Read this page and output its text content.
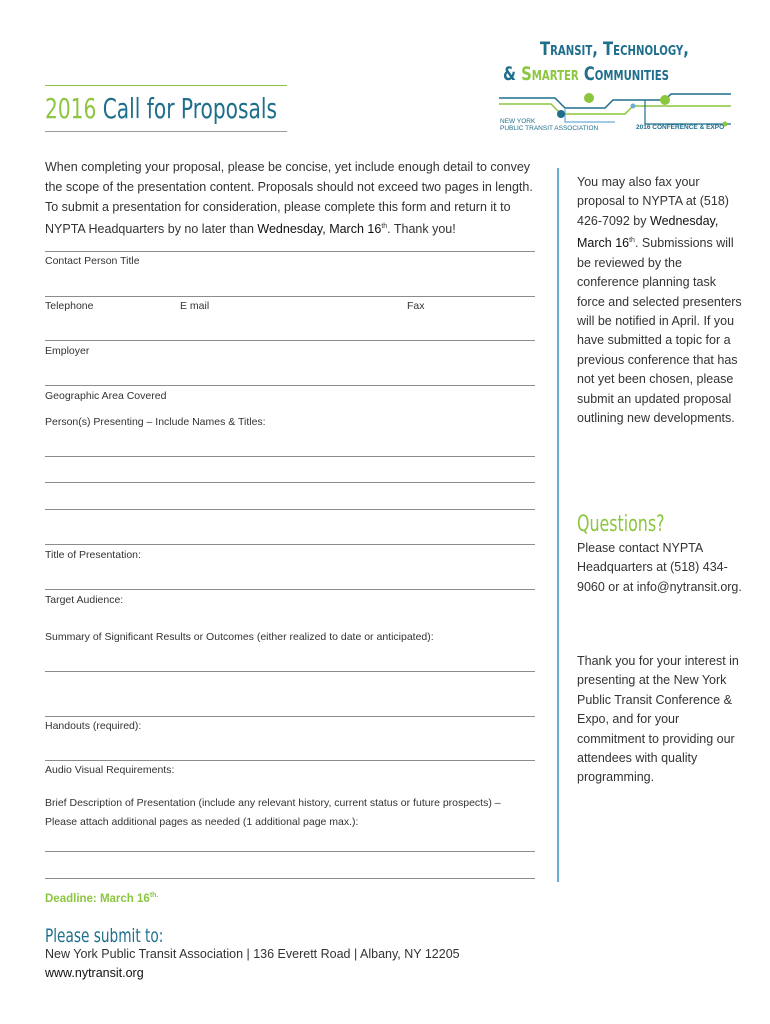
2016 Call for Proposals
Transit, Technology,
& Smarter Communities
NEW YORK
PUBLIC TRANSIT ASSOCIATION	2016 CONFERENCE & EXPO
When completing your proposal, please be concise, yet include enough detail to convey the scope of the presentation content. Proposals should not exceed two pages in length. To submit a presentation for consideration, please complete this form and return it to NYPTA Headquarters by no later than Wednesday, March 16th. Thank you!
Contact Person Title
Telephone	E mail	Fax
Employer
Geographic Area Covered
Person(s) Presenting – Include Names & Titles:
Title of Presentation:
Target Audience:
Summary of Significant Results or Outcomes (either realized to date or anticipated):
Handouts (required):
Audio Visual Requirements:
Brief Description of Presentation (include any relevant history, current status or future prospects) –
Please attach additional pages as needed (1 additional page max.):
Deadline: March $16^{th.}$
Please submit to:
New York Public Transit Association | 136 Everett Road | Albany, NY 12205
www.nytransit.org
You may also fax your proposal to NYPTA at (518) 426-7092 by Wednesday, March 16th. Submissions will be reviewed by the conference planning task force and selected presenters will be notified in April. If you have submitted a topic for a previous conference that has not yet been chosen, please submit an updated proposal outlining new developments.
Questions?
Please contact NYPTA Headquarters at (518) 434-9060 or at info@nytransit.org.
Thank you for your interest in presenting at the New York Public Transit Conference & Expo, and for your commitment to providing our attendees with quality programming.
